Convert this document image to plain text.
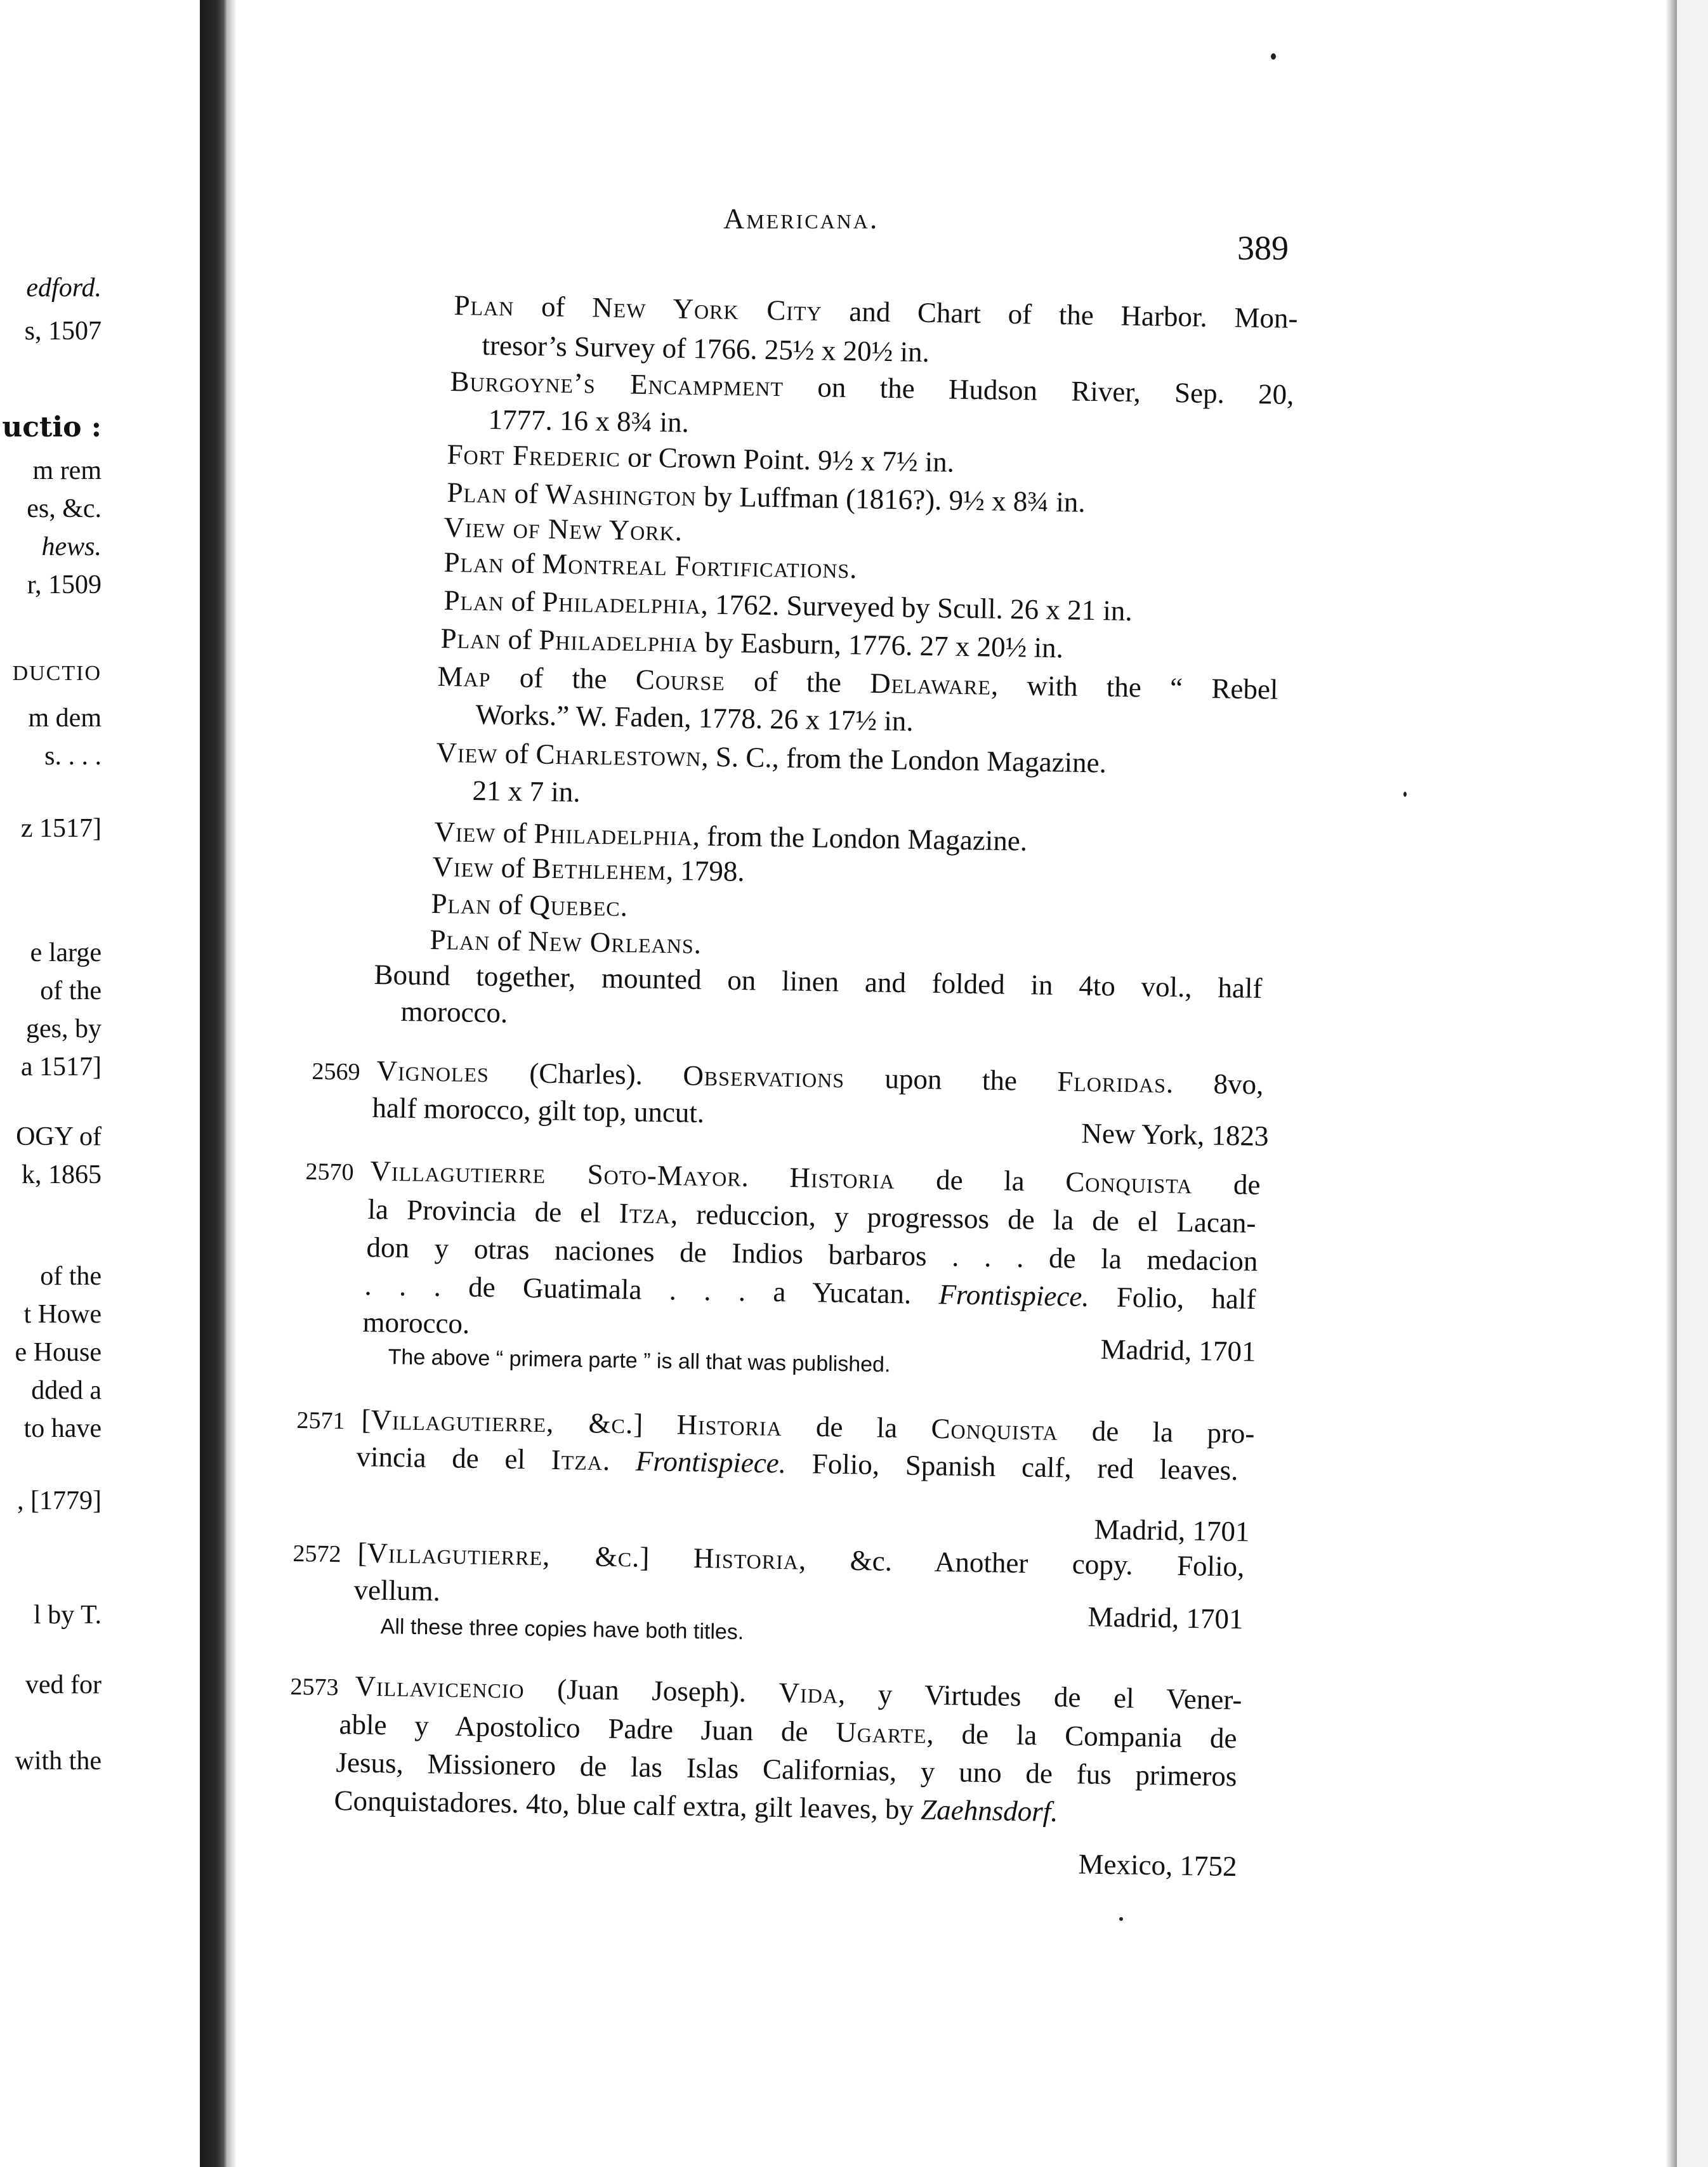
edford.
s, 1507
uctio :
m rem
es, &c.
hews.
r, 1509
DUCTIO
m dem
s. . . .
z 1517]
e large
of the
ges, by
a 1517]
OGY of
k, 1865
of the
t Howe
e House
dded a
to have
, [1779]
l by T.
ved for
with the
Americana.
389
Plan of New York City and Chart of the Harbor. Mon-
tresor’s Survey of 1766. 25½ x 20½ in.
Burgoyne’s Encampment on the Hudson River, Sep. 20,
1777. 16 x 8¾ in.
Fort Frederic or Crown Point. 9½ x 7½ in.
Plan of Washington by Luffman (1816?). 9½ x 8¾ in.
View of New York.
Plan of Montreal Fortifications.
Plan of Philadelphia, 1762. Surveyed by Scull. 26 x 21 in.
Plan of Philadelphia by Easburn, 1776. 27 x 20½ in.
Map of the Course of the Delaware, with the “ Rebel
Works.” W. Faden, 1778. 26 x 17½ in.
View of Charlestown, S. C., from the London Magazine.
21 x 7 in.
View of Philadelphia, from the London Magazine.
View of Bethlehem, 1798.
Plan of Quebec.
Plan of New Orleans.
Bound together, mounted on linen and folded in 4to vol., half
morocco.
2569 Vignoles (Charles). Observations upon the Floridas. 8vo,
half morocco, gilt top, uncut.
New York, 1823
2570 Villagutierre Soto-Mayor. Historia de la Conquista de
la Provincia de el Itza, reduccion, y progressos de la de el Lacan-
don y otras naciones de Indios barbaros . . . de la medacion
. . . de Guatimala . . . a Yucatan. Frontispiece. Folio, half
morocco.
Madrid, 1701
The above “ primera parte ” is all that was published.
2571 [Villagutierre, &c.] Historia de la Conquista de la pro-
vincia de el Itza. Frontispiece. Folio, Spanish calf, red leaves.
Madrid, 1701
2572 [Villagutierre, &c.] Historia, &c. Another copy. Folio,
vellum.
Madrid, 1701
All these three copies have both titles.
2573 Villavicencio (Juan Joseph). Vida, y Virtudes de el Vener-
able y Apostolico Padre Juan de Ugarte, de la Compania de
Jesus, Missionero de las Islas Californias, y uno de fus primeros
Conquistadores. 4to, blue calf extra, gilt leaves, by Zaehnsdorf.
Mexico, 1752
